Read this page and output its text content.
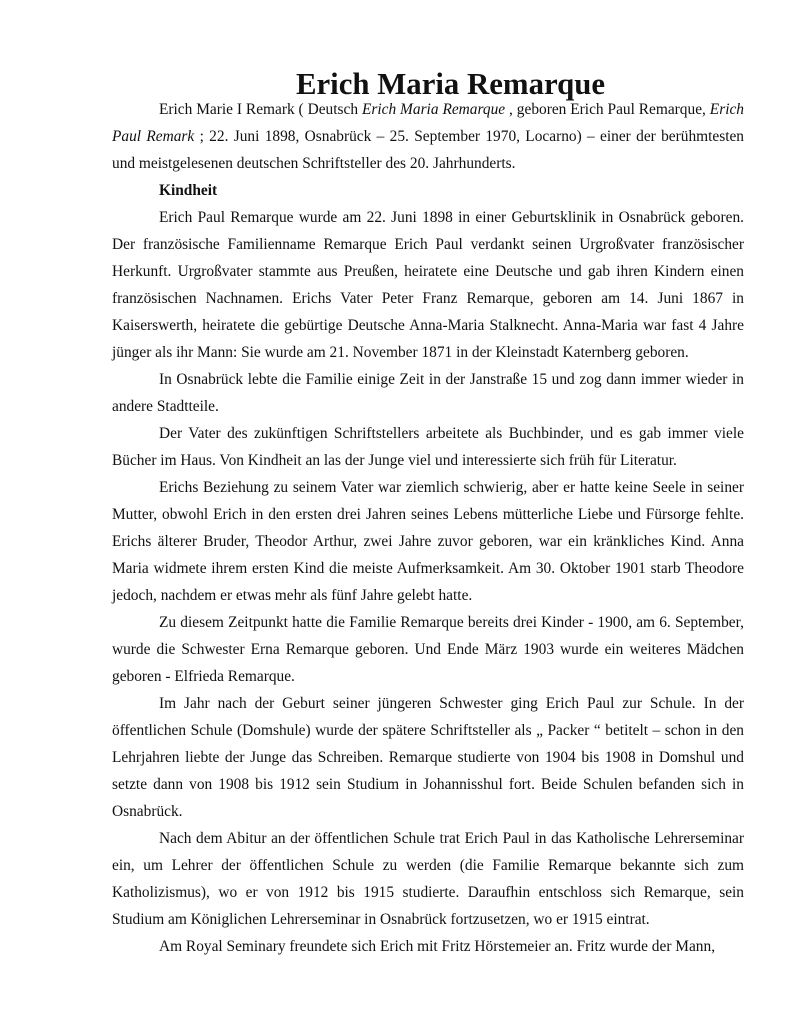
Erich Maria Remarque

Erich Marie I Remark ( Deutsch Erich Maria Remarque , geboren Erich Paul Remarque, Erich Paul Remark ; 22. Juni 1898, Osnabrück – 25. September 1970, Locarno) – einer der berühmtesten und meistgelesenen deutschen Schriftsteller des 20. Jahrhunderts.

Kindheit

Erich Paul Remarque wurde am 22. Juni 1898 in einer Geburtsklinik in Osnabrück geboren. Der französische Familienname Remarque Erich Paul verdankt seinen Urgroßvater französischer Herkunft. Urgroßvater stammte aus Preußen, heiratete eine Deutsche und gab ihren Kindern einen französischen Nachnamen. Erichs Vater Peter Franz Remarque, geboren am 14. Juni 1867 in Kaiserswerth, heiratete die gebürtige Deutsche Anna-Maria Stalknecht. Anna-Maria war fast 4 Jahre jünger als ihr Mann: Sie wurde am 21. November 1871 in der Kleinstadt Katernberg geboren.

In Osnabrück lebte die Familie einige Zeit in der Janstraße 15 und zog dann immer wieder in andere Stadtteile.

Der Vater des zukünftigen Schriftstellers arbeitete als Buchbinder, und es gab immer viele Bücher im Haus. Von Kindheit an las der Junge viel und interessierte sich früh für Literatur.

Erichs Beziehung zu seinem Vater war ziemlich schwierig, aber er hatte keine Seele in seiner Mutter, obwohl Erich in den ersten drei Jahren seines Lebens mütterliche Liebe und Fürsorge fehlte. Erichs älterer Bruder, Theodor Arthur, zwei Jahre zuvor geboren, war ein kränkliches Kind. Anna Maria widmete ihrem ersten Kind die meiste Aufmerksamkeit. Am 30. Oktober 1901 starb Theodore jedoch, nachdem er etwas mehr als fünf Jahre gelebt hatte.

Zu diesem Zeitpunkt hatte die Familie Remarque bereits drei Kinder - 1900, am 6. September, wurde die Schwester Erna Remarque geboren. Und Ende März 1903 wurde ein weiteres Mädchen geboren - Elfrieda Remarque.

Im Jahr nach der Geburt seiner jüngeren Schwester ging Erich Paul zur Schule. In der öffentlichen Schule (Domshule) wurde der spätere Schriftsteller als „ Packer “ betitelt – schon in den Lehrjahren liebte der Junge das Schreiben. Remarque studierte von 1904 bis 1908 in Domshul und setzte dann von 1908 bis 1912 sein Studium in Johannisshul fort. Beide Schulen befanden sich in Osnabrück.

Nach dem Abitur an der öffentlichen Schule trat Erich Paul in das Katholische Lehrerseminar ein, um Lehrer der öffentlichen Schule zu werden (die Familie Remarque bekannte sich zum Katholizismus), wo er von 1912 bis 1915 studierte. Daraufhin entschloss sich Remarque, sein Studium am Königlichen Lehrerseminar in Osnabrück fortzusetzen, wo er 1915 eintrat.

Am Royal Seminary freundete sich Erich mit Fritz Hörstemeier an. Fritz wurde der Mann,
